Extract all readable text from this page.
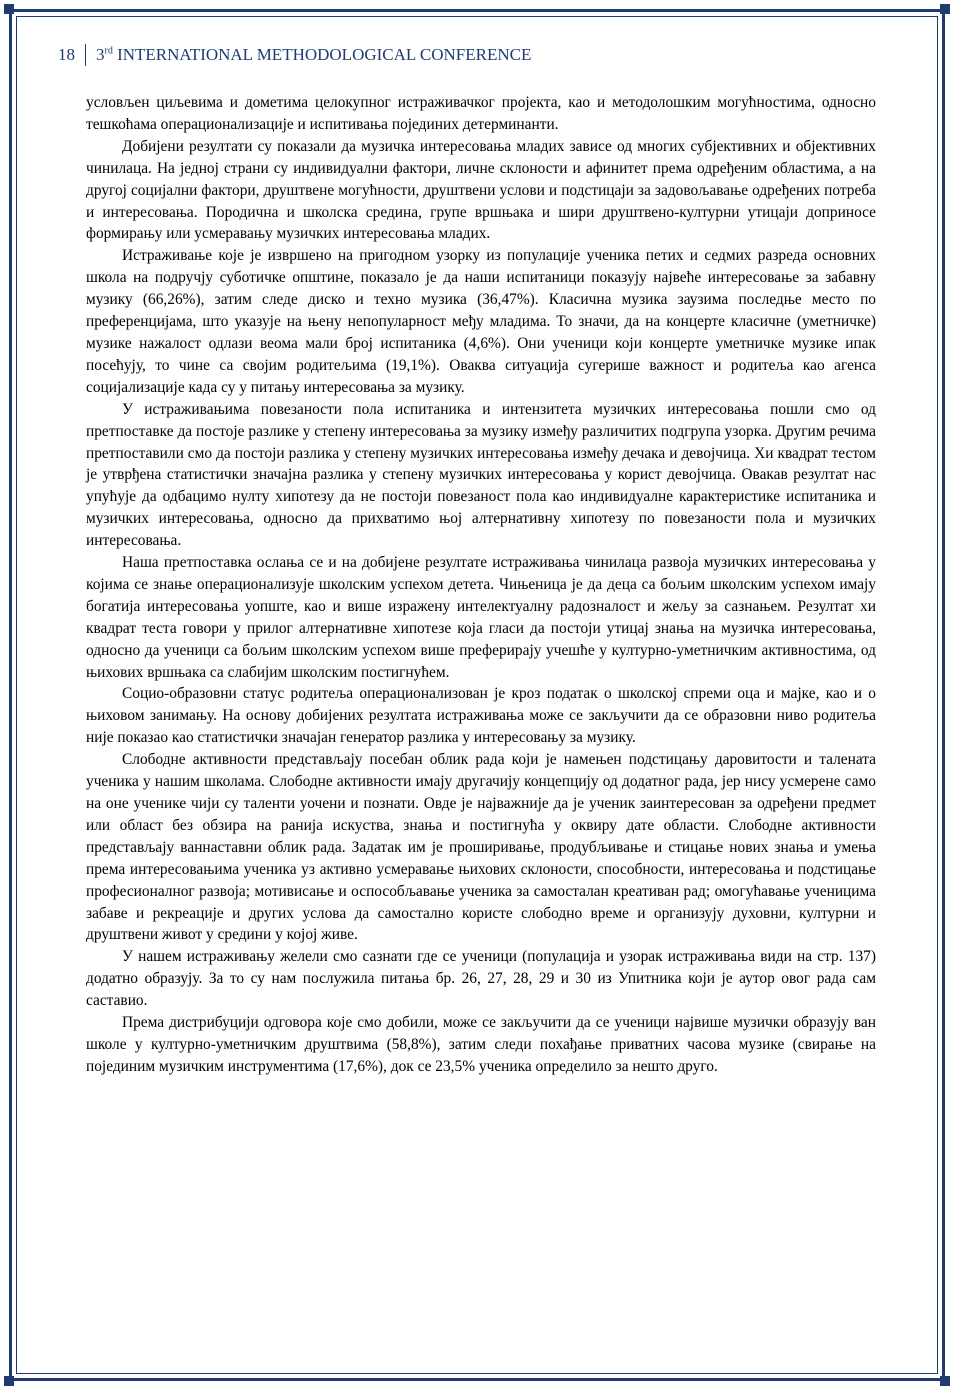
18	3rd
INTERNATIONAL METHODOLOGICAL CONFERENCE

условљен циљевима и дометима целокупног истраживачког пројекта, као и методолошким могућностима, односно тешкоћама операционализације и испитивања појединих детерминанти.

Добијени резултати су показали да музичка интересовања младих зависе од многих субјективних и објективних чинилаца. На једној страни су индивидуални фактори, личне склоности и афинитет према одређеним областима, а на другој социјални фактори, друштвене могућности, друштвени услови и подстицаји за задовољавање одређених потреба и интересовања. Породична и школска средина, групе вршњака и шири друштвено-културни утицаји доприносе формирању или усмеравању музичких интересовања младих.

Истраживање које је извршено на пригодном узорку из популације ученика петих и седмих разреда основних школа на подручју суботичке општине, показало је да наши испитаници показују највеће интересовање за забавну музику (66,26%), затим следе диско и техно музика (36,47%). Класична музика заузима последње место по преференцијама, што указује на њену непопуларност међу младима. То значи, да на концерте класичне (уметничке) музике нажалост одлази веома мали број испитаника (4,6%). Они ученици који концерте уметничке музике ипак посећују, то чине са својим родитељима (19,1%). Оваква ситуација сугерише важност и родитеља као агенса социјализације када су у питању интересовања за музику.

У истраживањима повезаности пола испитаника и интензитета музичких интересовања пошли смо од претпоставке да постоје разлике у степену интересовања за музику између различитих подгрупа узорка. Другим речима претпоставили смо да постоји разлика у степену музичких интересовања између дечака и девојчица. Хи квадрат тестом је утврђена статистички значајна разлика у степену музичких интересовања у корист девојчица. Овакав резултат нас упућује да одбацимо нулту хипотезу да не постоји повезаност пола као индивидуалне карактеристике испитаника и музичких интересовања, односно да прихватимо њој алтернативну хипотезу по повезаности пола и музичких интересовања.

Наша претпоставка ослања се и на добијене резултате истраживања чинилаца развоја музичких интересовања у којима се знање операционализује школским успехом детета. Чињеница је да деца са бољим школским успехом имају богатија интересовања уопште, као и више изражену интелектуалну радозналост и жељу за сазнањем. Резултат хи квадрат теста говори у прилог алтернативне хипотезе која гласи да постоји утицај знања на музичка интересовања, односно да ученици са бољим школским успехом више преферирају учешће у културно-уметничким активностима, од њихових вршњака са слабијим школским постигнућем.

Социо-образовни статус родитеља операционализован је кроз податак о школској спреми оца и мајке, као и о њиховом занимању. На основу добијених резултата истраживања може се закључити да се образовни ниво родитеља није показао као статистички значајан генератор разлика у интересовању за музику.

Слободне активности представљају посебан облик рада који је намењен подстицању даровитости и талената ученика у нашим школама. Слободне активности имају другачију концепцију од додатног рада, јер нису усмерене само на оне ученике чији су таленти уочени и познати. Овде је најважније да је ученик заинтересован за одређени предмет или област без обзира на ранија искуства, знања и постигнућа у оквиру дате области. Слободне активности представљају ваннаставни облик рада. Задатак им је проширивање, продубљивање и стицање нових знања и умења према интересовањима ученика уз активно усмеравање њихових склоности, способности, интересовања и подстицање професионалног развоја; мотивисање и оспособљавање ученика за самосталан креативан рад; омогућавање ученицима забаве и рекреације и других услова да самостално користе слободно време и организују духовни, културни и друштвени живот у средини у којој живе.

У нашем истраживању желели смо сазнати где се ученици (популација и узорак истраживања види на стр. 137) додатно образују. За то су нам послужила питања бр. 26, 27, 28, 29 и 30 из Упитника који је аутор овог рада сам саставио.

Према дистрибуцији одговора које смо добили, може се закључити да се ученици највише музички образују ван школе у културно-уметничким друштвима (58,8%), затим следи похађање приватних часова музике (свирање на појединим музичким инструментима (17,6%), док се 23,5% ученика определило за нешто друго.
